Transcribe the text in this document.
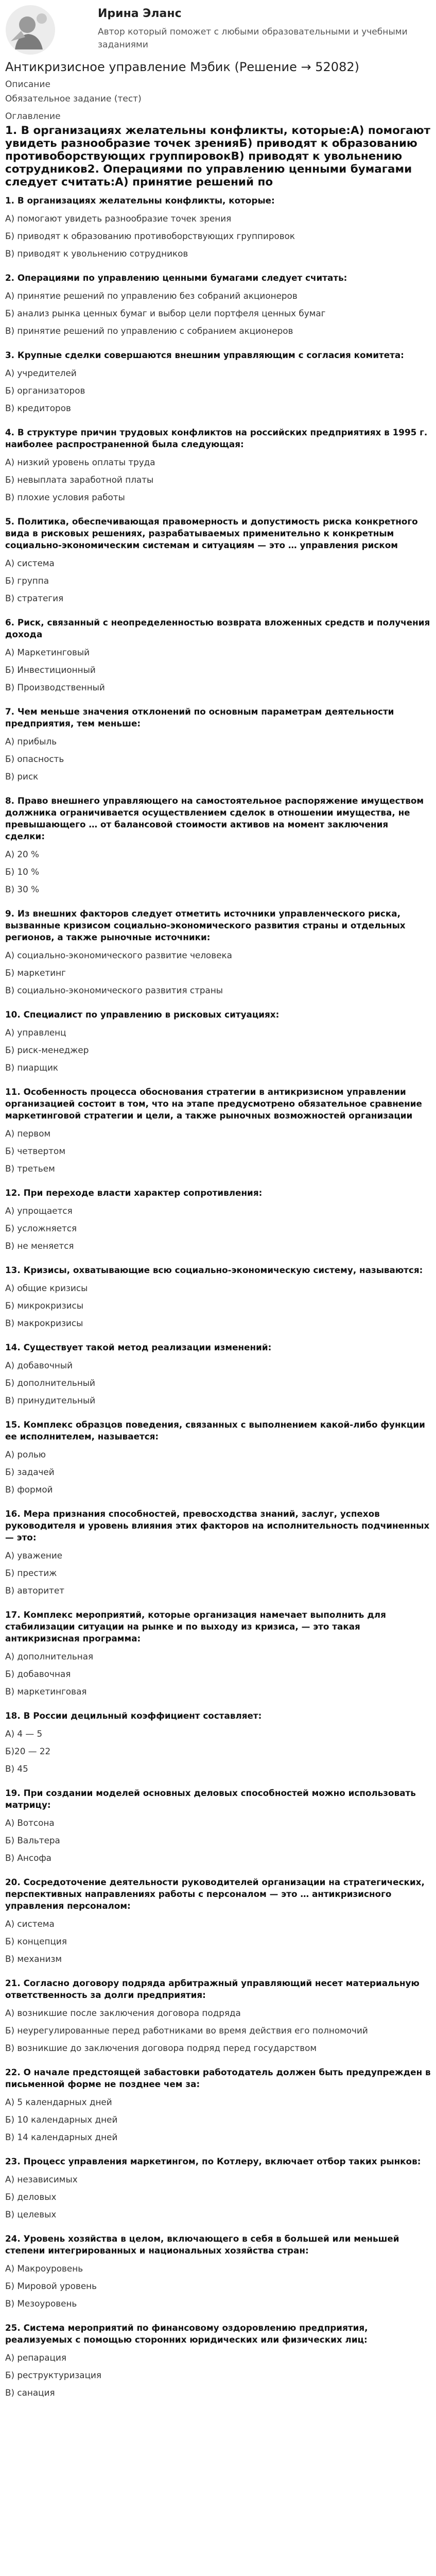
Ирина Эланс
Автор который поможет с любыми образовательными и учебными заданиями
Антикризисное управление Мэбик (Решение → 52082)
Описание
Обязательное задание (тест)
Оглавление
1. В организациях желательны конфликты, которые:А) помогают увидеть разнообразие точек зрения​Б) приводят к образованию противоборствующих группировок​В) приводят к увольнению сотрудников​2. Операциями по управлению ценными бумагами следует считать:А) принятие решений по
1. В организациях желательны конфликты, которые:
А) помогают увидеть разнообразие точек зрения
Б) приводят к образованию противоборствующих группировок
В) приводят к увольнению сотрудников
2. Операциями по управлению ценными бумагами следует считать:
А) принятие решений по управлению без собраний акционеров
Б) анализ рынка ценных бумаг и выбор цели портфеля ценных бумаг
В) принятие решений по управлению с собранием акционеров
3. Крупные сделки совершаются внешним управляющим с согласия комитета:
А) учредителей
Б) организаторов
В) кредиторов
4. В структуре причин трудовых конфликтов на российских предприятиях в 1995 г. наиболее распространенной была следующая:
А) низкий уровень оплаты труда
Б) невыплата заработной платы
В) плохие условия работы
5. Политика, обеспечивающая правомерность и допустимость риска конкретного вида в рисковых решениях, разрабатываемых применительно к конкретным социально-экономическим системам и ситуациям — это … управления риском
А) система
Б) группа
В) стратегия
6. Риск, связанный с неопределенностью возврата вложенных средств и получения дохода
А) Маркетинговый
Б) Инвестиционный
В) Производственный
7. Чем меньше значения отклонений по основным параметрам деятельности предприятия, тем меньше:
А) прибыль
Б) опасность
В) риск
8. Право внешнего управляющего на самостоятельное распоряжение имуществом должника ограничивается осуществлением сделок в отношении имущества, не превышающего … от балансовой стоимости активов на момент заключения сделки:
А) 20 %
Б) 10 %
В) 30 %
9. Из внешних факторов следует отметить источники управленческого риска, вызванные кризисом социально-экономического развития страны и отдельных регионов, а также рыночные источники:
А) социально-экономического развитие человека
Б) маркетинг
В) социально-экономического развития страны
10. Специалист по управлению в рисковых ситуациях:
А) управленц
Б) риск-менеджер
В) пиарщик
11. Особенность процесса обоснования стратегии в антикризисном управлении организацией состоит в том, что на этапе предусмотрено обязательное сравнение маркетинговой стратегии и цели, а также рыночных возможностей организации
А) первом
Б) четвертом
В) третьем
12. При переходе власти характер сопротивления:
А) упрощается
Б) усложняется
В) не меняется
13. Кризисы, охватывающие всю социально-экономическую систему, называются:
А) общие кризисы
Б) микрокризисы
В) макрокризисы
14. Существует такой метод реализации изменений:
А) добавочный
Б) дополнительный
В) принудительный
15. Комплекс образцов поведения, связанных с выполнением какой-либо функции ее исполнителем, называется:
А) ролью
Б) задачей
В) формой
16. Мера признания способностей, превосходства знаний, заслуг, успехов руководителя и уровень влияния этих факторов на исполнительность подчиненных — это:
А) уважение
Б) престиж
В) авторитет
17. Комплекс мероприятий, которые организация намечает выполнить для стабилизации ситуации на рынке и по выходу из кризиса, — это такая антикризисная программа:
А) дополнительная
Б) добавочная
В) маркетинговая
18. В России децильный коэффициент составляет:
А) 4 — 5
Б)20 — 22
В) 45
19. При создании моделей основных деловых способностей можно использовать матрицу:
А) Вотсона
Б) Вальтера
В) Ансофа
20. Сосредоточение деятельности руководителей организации на стратегических, перспективных направлениях работы с персоналом — это … антикризисного управления персоналом:
А) система
Б) концепция
В) механизм
21. Согласно договору подряда арбитражный управляющий несет материальную ответственность за долги предприятия:
А) возникшие после заключения договора подряда
Б) неурегулированные перед работниками во время действия его полномочий
В) возникшие до заключения договора подряд перед государством
22. О начале предстоящей забастовки работодатель должен быть предупрежден в письменной форме не позднее чем за:
А) 5 календарных дней
Б) 10 календарных дней
В) 14 календарных дней
23. Процесс управления маркетингом, по Котлеру, включает отбор таких рынков:
А) независимых
Б) деловых
В) целевых
24. Уровень хозяйства в целом, включающего в себя в большей или меньшей степени интегрированных и национальных хозяйства стран:
А) Макроуровень
Б) Мировой уровень
В) Мезоуровень
25. Система мероприятий по финансовому оздоровлению предприятия, реализуемых с помощью сторонних юридических или физических лиц:
А) репарация
Б) реструктуризация
В) санация
